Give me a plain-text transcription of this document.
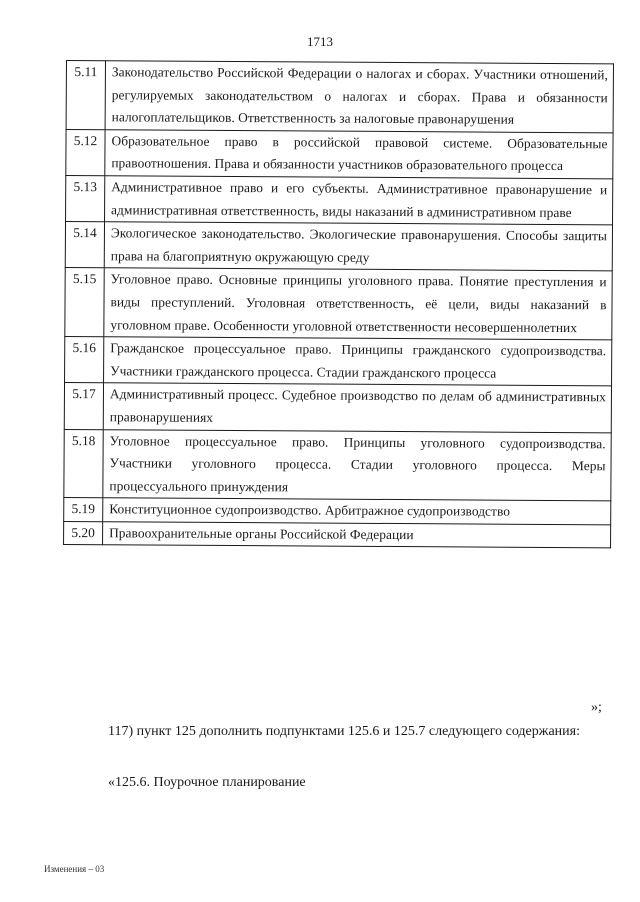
1713
5.11	Законодательство Российской Федерации о налогах и сборах. Участники отношений, регулируемых законодательством о налогах и сборах. Права и обязанности налогоплательщиков. Ответственность за налоговые правонарушения
5.12	Образовательное право в российской правовой системе. Образовательные правоотношения. Права и обязанности участников образовательного процесса
5.13	Административное право и его субъекты. Административное правонарушение и административная ответственность, виды наказаний в административном праве
5.14	Экологическое законодательство. Экологические правонарушения. Способы защиты права на благоприятную окружающую среду
5.15	Уголовное право. Основные принципы уголовного права. Понятие преступления и виды преступлений. Уголовная ответственность, её цели, виды наказаний в уголовном праве. Особенности уголовной ответственности несовершеннолетних
5.16	Гражданское процессуальное право. Принципы гражданского судопроизводства. Участники гражданского процесса. Стадии гражданского процесса
5.17	Административный процесс. Судебное производство по делам об административных правонарушениях
5.18	Уголовное процессуальное право. Принципы уголовного судопроизводства. Участники уголовного процесса. Стадии уголовного процесса. Меры процессуального принуждения
5.19	Конституционное судопроизводство. Арбитражное судопроизводство
5.20	Правоохранительные органы Российской Федерации
»;
117) пункт 125 дополнить подпунктами 125.6 и 125.7 следующего содержания:
«125.6. Поурочное планирование
Изменения – 03
